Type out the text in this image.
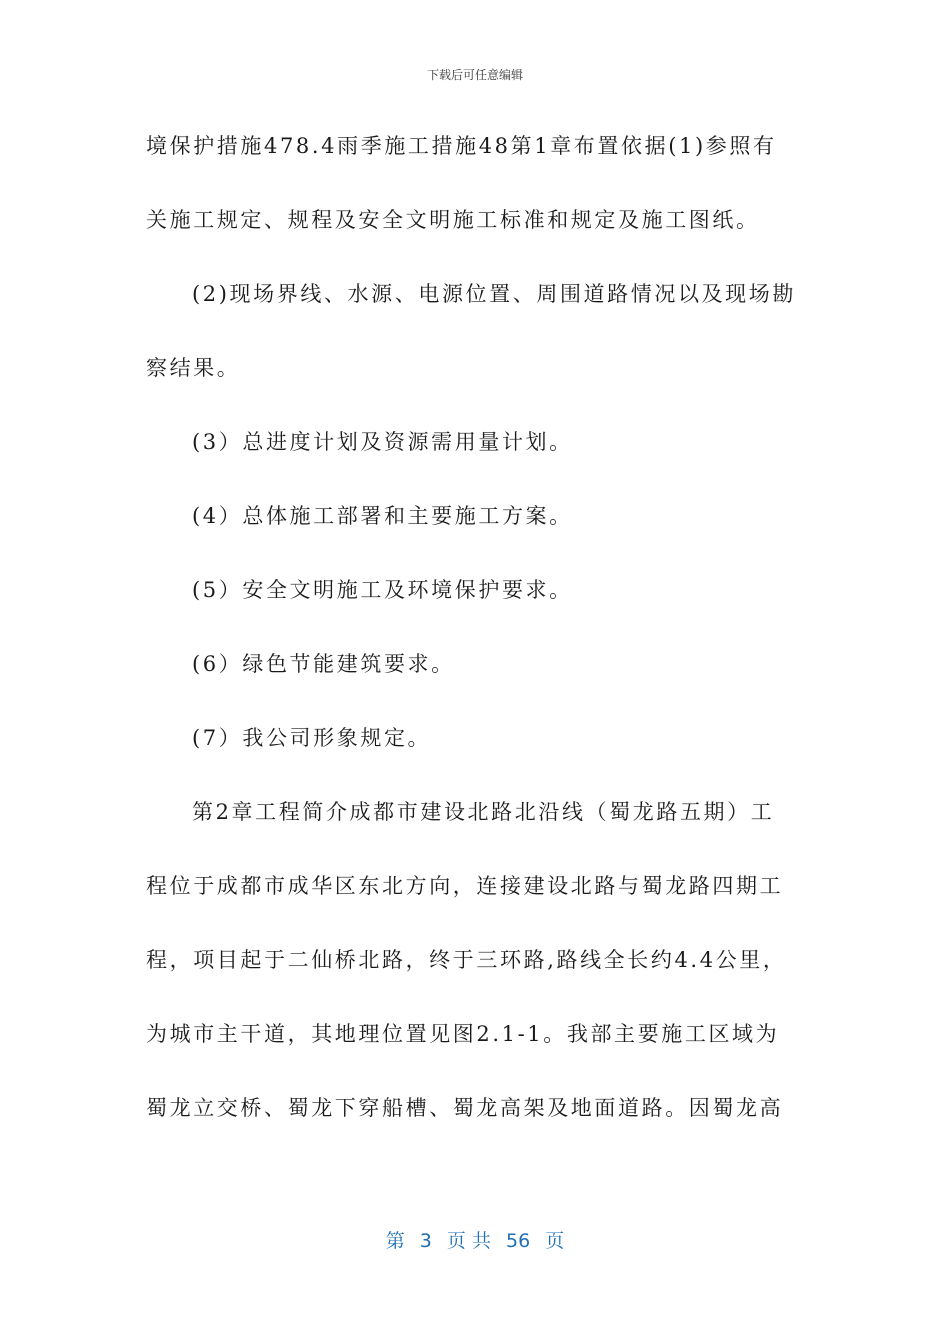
下载后可任意编辑
境保护措施478.4雨季施工措施48第1章布置依据(1)参照有
关施工规定、规程及安全文明施工标准和规定及施工图纸。
(2)现场界线、水源、电源位置、周围道路情况以及现场勘
察结果。
(3）总进度计划及资源需用量计划。
(4）总体施工部署和主要施工方案。
(5）安全文明施工及环境保护要求。
(6）绿色节能建筑要求。
(7）我公司形象规定。
第2章工程简介成都市建设北路北沿线（蜀龙路五期）工
程位于成都市成华区东北方向，连接建设北路与蜀龙路四期工
程，项目起于二仙桥北路，终于三环路,路线全长约4.4公里，
为城市主干道，其地理位置见图2.1-1。我部主要施工区域为
蜀龙立交桥、蜀龙下穿船槽、蜀龙高架及地面道路。因蜀龙高
第 3 页 共 56 页
